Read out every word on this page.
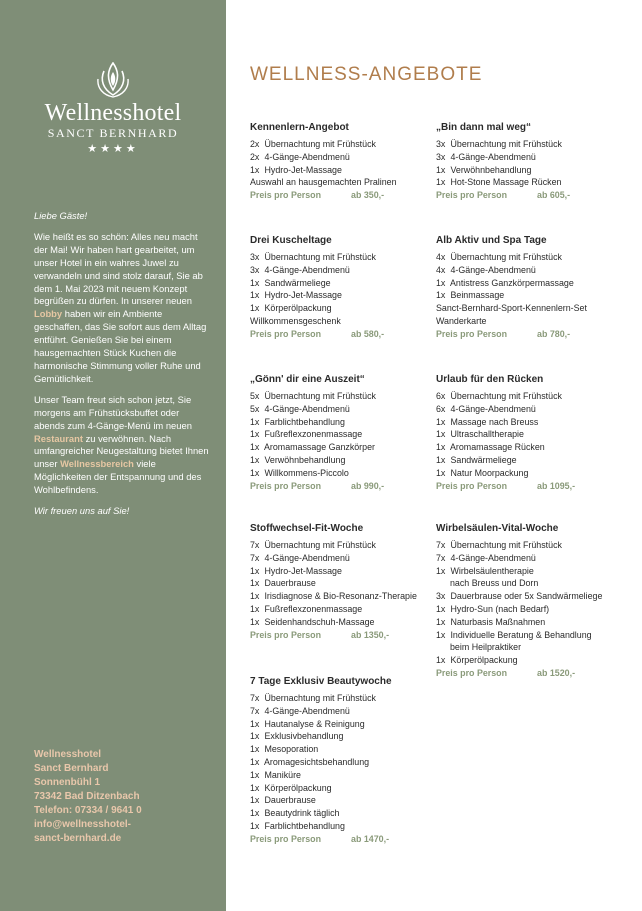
Wellnesshotel
SANCT BERNHARD
★★★★

Liebe Gäste!

Wie heißt es so schön: Alles neu macht der Mai! Wir haben hart gearbeitet, um unser Hotel in ein wahres Juwel zu verwandeln und sind stolz darauf, Sie ab dem 1. Mai 2023 mit neuem Konzept begrüßen zu dürfen. In unserer neuen Lobby haben wir ein Ambiente geschaffen, das Sie sofort aus dem Alltag entführt. Genießen Sie bei einem hausgemachten Stück Kuchen die harmonische Stimmung voller Ruhe und Gemütlichkeit.

Unser Team freut sich schon jetzt, Sie morgens am Frühstücksbuffet oder abends zum 4-Gänge-Menü im neuen Restaurant zu verwöhnen. Nach umfangreicher Neugestaltung bietet Ihnen unser Wellnessbereich viele Möglichkeiten der Entspannung und des Wohlbefindens.

Wir freuen uns auf Sie!

Wellnesshotel
Sanct Bernhard
Sonnenbühl 1
73342 Bad Ditzenbach
Telefon: 07334 / 9641 0
info@wellnesshotel-
sanct-bernhard.de
WELLNESS-ANGEBOTE
Kennenlern-Angebot
2x Übernachtung mit Frühstück
2x 4-Gänge-Abendmenü
1x Hydro-Jet-Massage
Auswahl an hausgemachten Pralinen
Preis pro Person	ab 350,-
„Bin dann mal weg“
3x Übernachtung mit Frühstück
3x 4-Gänge-Abendmenü
1x Verwöhnbehandlung
1x Hot-Stone Massage Rücken
Preis pro Person	ab 605,-
Drei Kuscheltage
3x Übernachtung mit Frühstück
3x 4-Gänge-Abendmenü
1x Sandwärmeliege
1x Hydro-Jet-Massage
1x Körperölpackung
Willkommensgeschenk
Preis pro Person	ab 580,-
Alb Aktiv und Spa Tage
4x Übernachtung mit Frühstück
4x 4-Gänge-Abendmenü
1x Antistress Ganzkörpermassage
1x Beinmassage
Sanct-Bernhard-Sport-Kennenlern-Set
Wanderkarte
Preis pro Person	ab 780,-
„Gönn' dir eine Auszeit“
5x Übernachtung mit Frühstück
5x 4-Gänge-Abendmenü
1x Farblichtbehandlung
1x Fußreflexzonenmassage
1x Aromamassage Ganzkörper
1x Verwöhnbehandlung
1x Willkommens-Piccolo
Preis pro Person	ab 990,-
Urlaub für den Rücken
6x Übernachtung mit Frühstück
6x 4-Gänge-Abendmenü
1x Massage nach Breuss
1x Ultraschalltherapie
1x Aromamassage Rücken
1x Sandwärmeliege
1x Natur Moorpackung
Preis pro Person	ab 1095,-
Stoffwechsel-Fit-Woche
7x Übernachtung mit Frühstück
7x 4-Gänge-Abendmenü
1x Hydro-Jet-Massage
1x Dauerbrause
1x Irisdiagnose & Bio-Resonanz-Therapie
1x Fußreflexzonenmassage
1x Seidenhandschuh-Massage
Preis pro Person	ab 1350,-
Wirbelsäulen-Vital-Woche
7x Übernachtung mit Frühstück
7x 4-Gänge-Abendmenü
1x Wirbelsäulentherapie
nach Breuss und Dorn
3x Dauerbrause oder 5x Sandwärmeliege
1x Hydro-Sun (nach Bedarf)
1x Naturbasis Maßnahmen
1x Individuelle Beratung & Behandlung
beim Heilpraktiker
1x Körperölpackung
Preis pro Person	ab 1520,-
7 Tage Exklusiv Beautywoche
7x Übernachtung mit Frühstück
7x 4-Gänge-Abendmenü
1x Hautanalyse & Reinigung
1x Exklusivbehandlung
1x Mesoporation
1x Aromagesichtsbehandlung
1x Maniküre
1x Körperölpackung
1x Dauerbrause
1x Beautydrink täglich
1x Farblichtbehandlung
Preis pro Person	ab 1470,-
